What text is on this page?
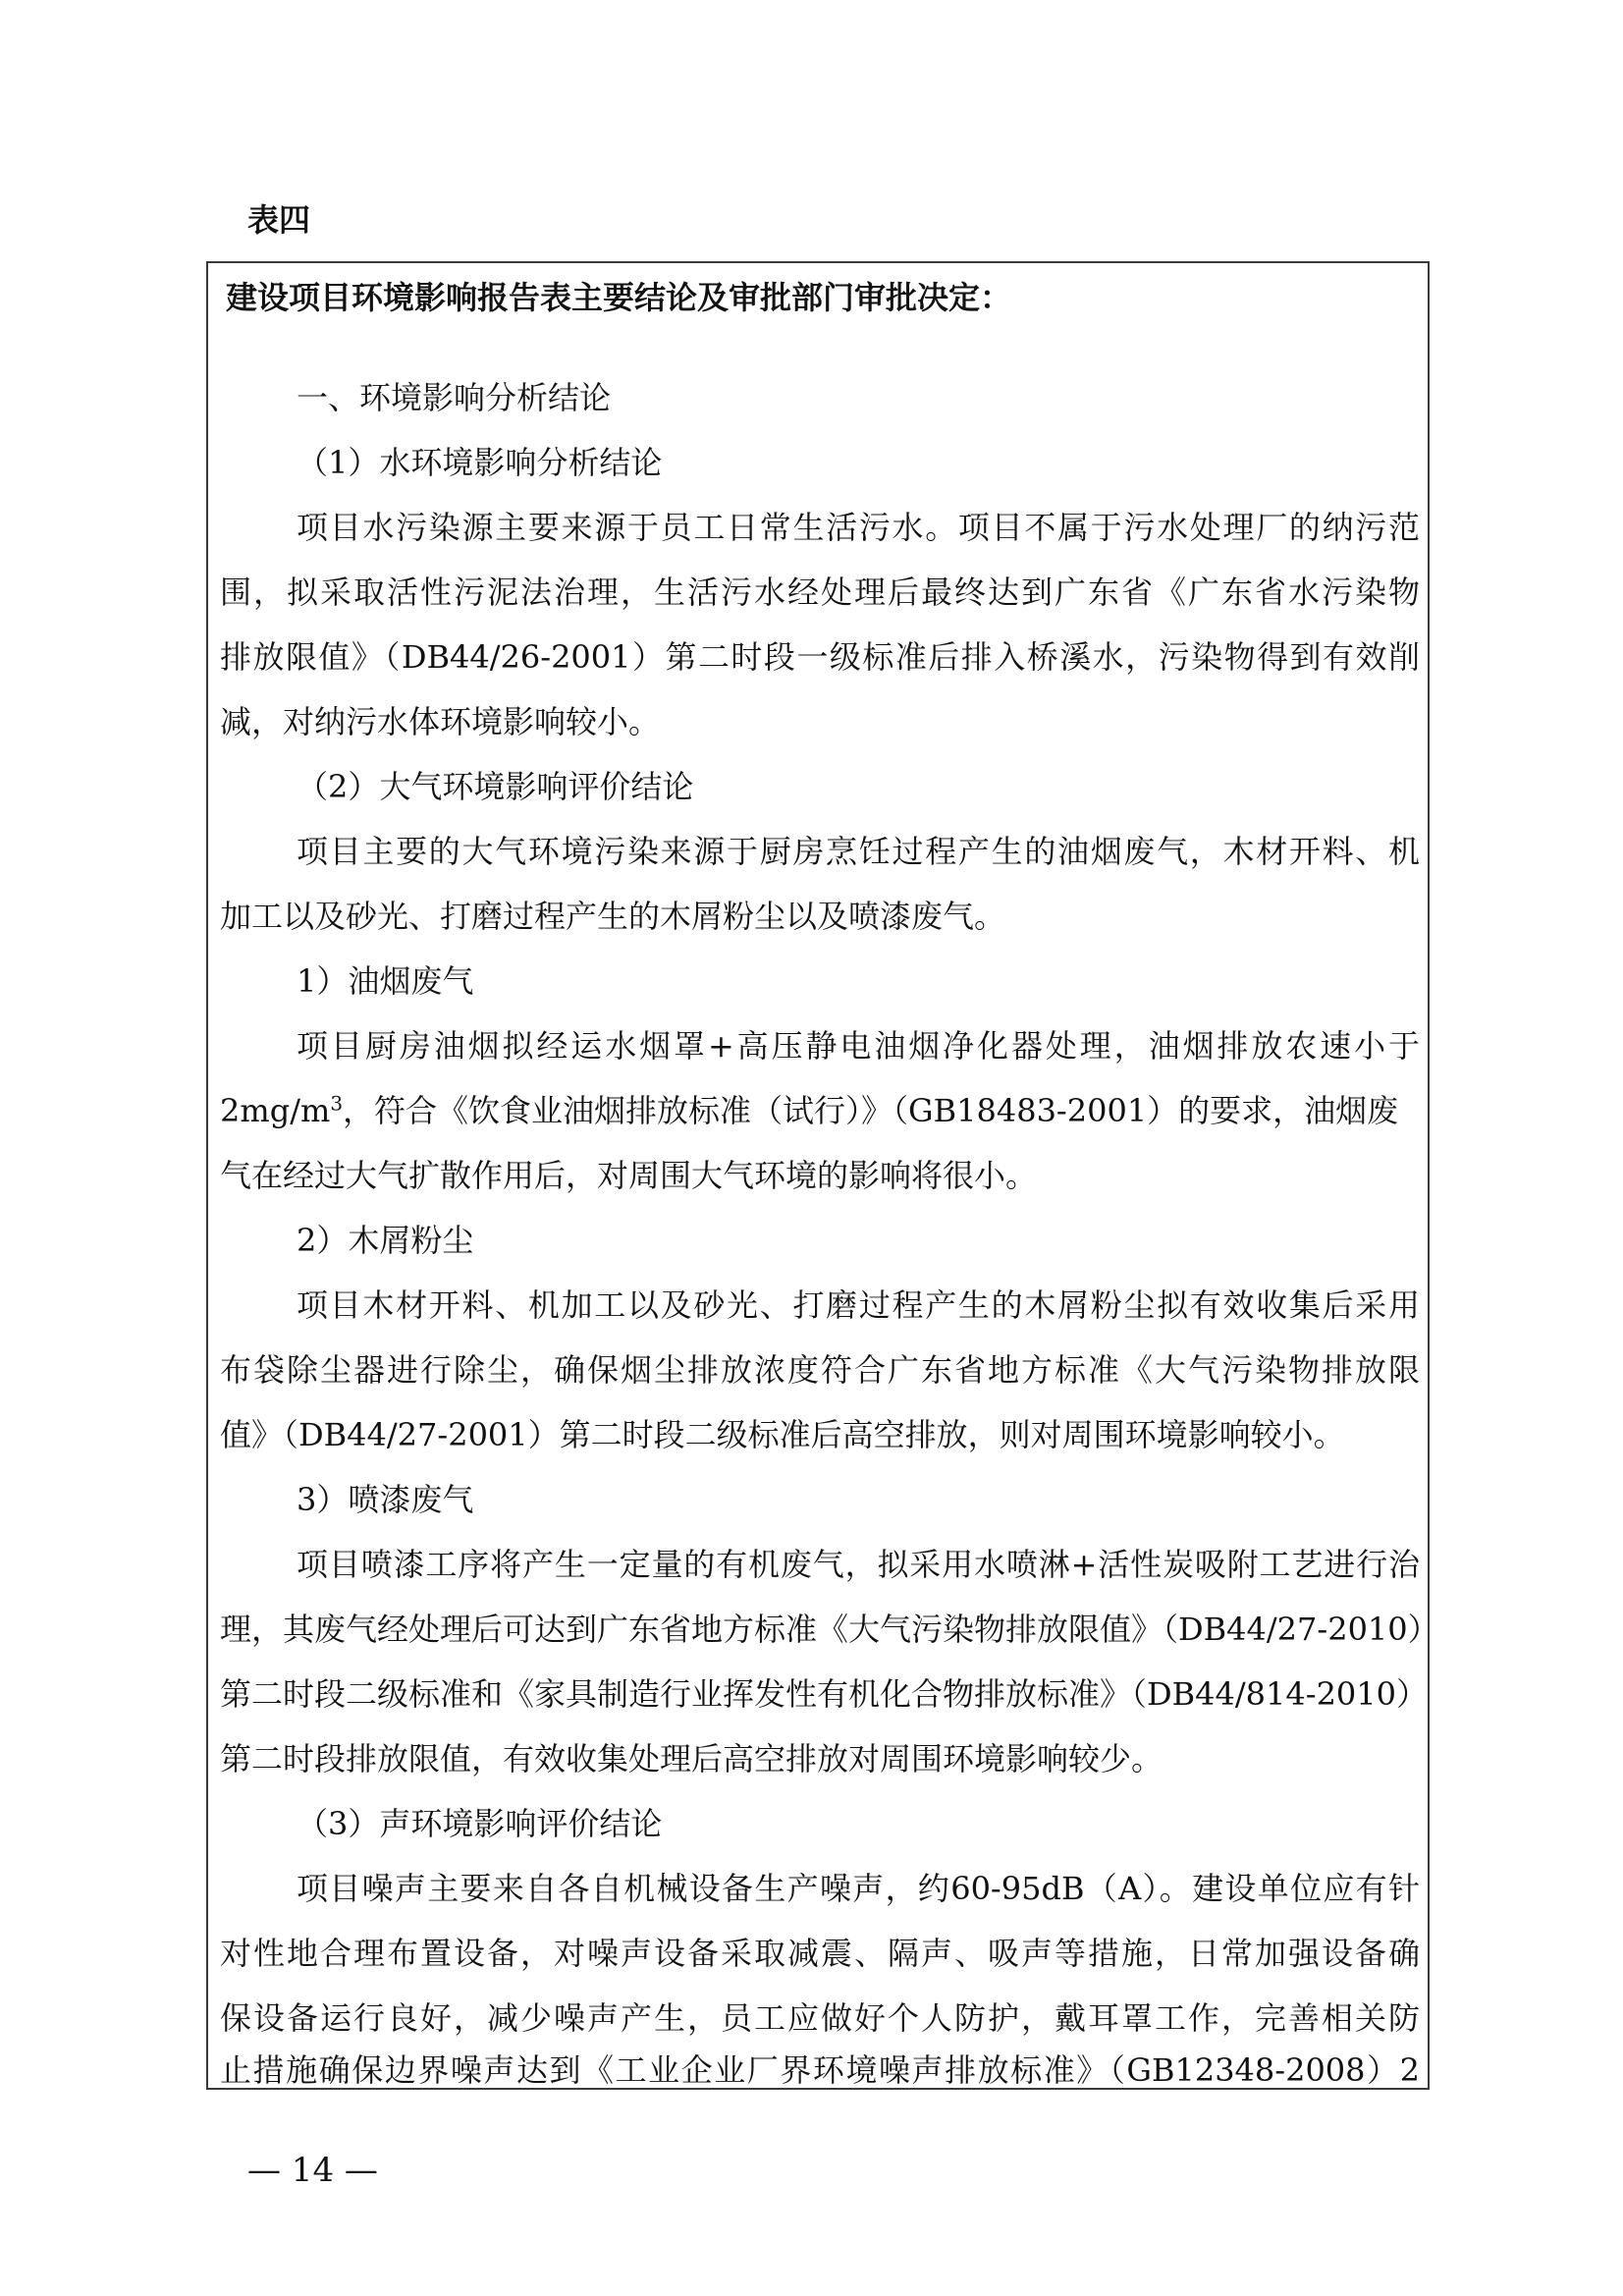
表四
建设项目环境影响报告表主要结论及审批部门审批决定：
一、环境影响分析结论
（1）水环境影响分析结论
项目水污染源主要来源于员工日常生活污水。项目不属于污水处理厂的纳污范
围，拟采取活性污泥法治理，生活污水经处理后最终达到广东省《广东省水污染物
排放限值》（DB44/26-2001）第二时段一级标准后排入桥溪水，污染物得到有效削
减，对纳污水体环境影响较小。
（2）大气环境影响评价结论
项目主要的大气环境污染来源于厨房烹饪过程产生的油烟废气，木材开料、机
加工以及砂光、打磨过程产生的木屑粉尘以及喷漆废气。
1）油烟废气
项目厨房油烟拟经运水烟罩+高压静电油烟净化器处理，油烟排放农速小于
$2mg/m^3$，符合《饮食业油烟排放标准（试行）》（GB18483-2001）的要求，油烟废
气在经过大气扩散作用后，对周围大气环境的影响将很小。
2）木屑粉尘
项目木材开料、机加工以及砂光、打磨过程产生的木屑粉尘拟有效收集后采用
布袋除尘器进行除尘，确保烟尘排放浓度符合广东省地方标准《大气污染物排放限
值》（DB44/27-2001）第二时段二级标准后高空排放，则对周围环境影响较小。
3）喷漆废气
项目喷漆工序将产生一定量的有机废气，拟采用水喷淋+活性炭吸附工艺进行治
理，其废气经处理后可达到广东省地方标准《大气污染物排放限值》（DB44/27-2010）
第二时段二级标准和《家具制造行业挥发性有机化合物排放标准》（DB44/814-2010）
第二时段排放限值，有效收集处理后高空排放对周围环境影响较少。
（3）声环境影响评价结论
项目噪声主要来自各自机械设备生产噪声，约60-95dB（A）。建设单位应有针
对性地合理布置设备，对噪声设备采取减震、隔声、吸声等措施，日常加强设备确
保设备运行良好，减少噪声产生，员工应做好个人防护，戴耳罩工作，完善相关防
止措施确保边界噪声达到《工业企业厂界环境噪声排放标准》（GB12348-2008）2
— 14 —
